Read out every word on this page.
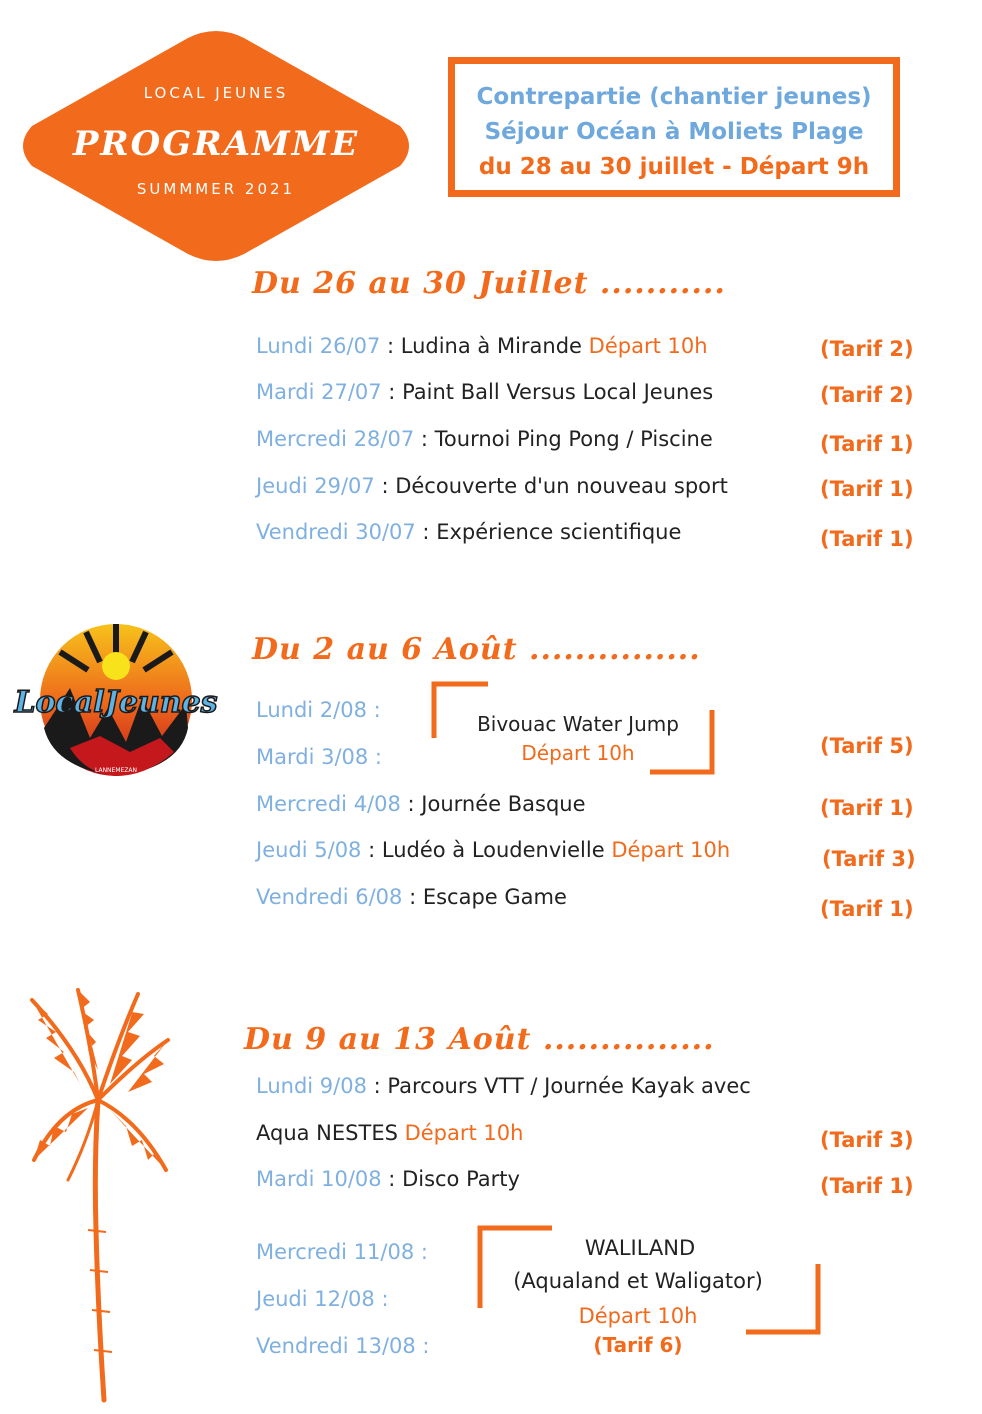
LOCAL JEUNES
PROGRAMME
SUMMMER 2021
Contrepartie (chantier jeunes)
Séjour Océan à Moliets Plage
du 28 au 30 juillet - Départ 9h
Du 26 au 30 Juillet ...........
Lundi 26/07 : Ludina à Mirande Départ 10h	(Tarif 2)
Mardi 27/07 : Paint Ball Versus Local Jeunes	(Tarif 2)
Mercredi 28/07 : Tournoi Ping Pong / Piscine	(Tarif 1)
Jeudi 29/07 : Découverte d'un nouveau sport	(Tarif 1)
Vendredi 30/07 : Expérience scientifique	(Tarif 1)
LocalJeunes
LANNEMEZAN
Du 2 au 6 Août ...............
Lundi 2/08 :
Mardi 3/08 :
Bivouac Water Jump
Départ 10h	(Tarif 5)
Mercredi 4/08 : Journée Basque	(Tarif 1)
Jeudi 5/08 : Ludéo à Loudenvielle Départ 10h	(Tarif 3)
Vendredi 6/08 : Escape Game	(Tarif 1)
Du 9 au 13 Août ...............
Lundi 9/08 : Parcours VTT / Journée Kayak avec
Aqua NESTES Départ 10h	(Tarif 3)
Mardi 10/08 : Disco Party	(Tarif 1)
Mercredi 11/08 :
Jeudi 12/08 :
Vendredi 13/08 :
WALILAND
(Aqualand et Waligator)
Départ 10h
(Tarif 6)
